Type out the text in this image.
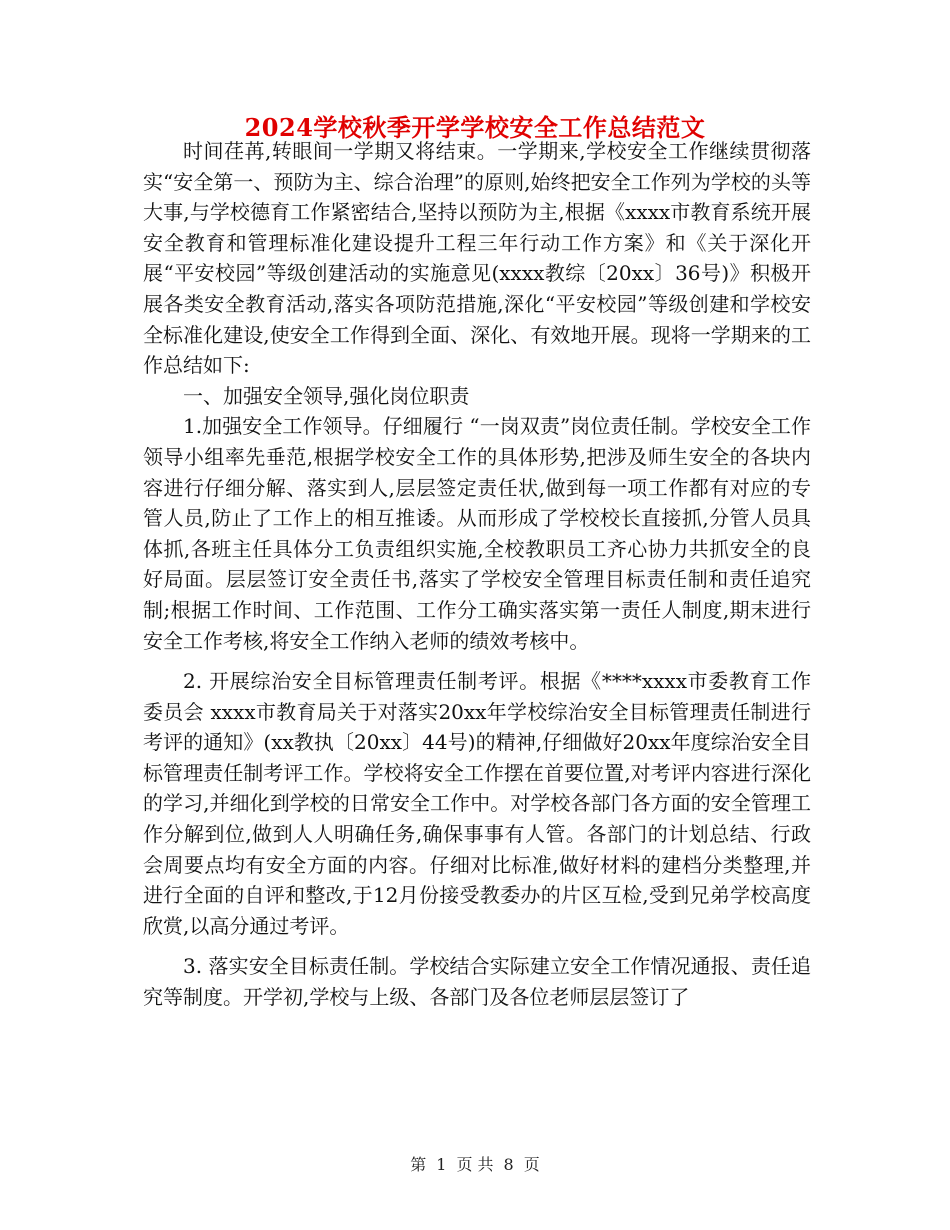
2024学校秋季开学学校安全工作总结范文

时间荏苒,转眼间一学期又将结束。一学期来,学校安全工作继续贯彻落实“安全第一、预防为主、综合治理”的原则,始终把安全工作列为学校的头等大事,与学校德育工作紧密结合,坚持以预防为主,根据《xxxx市教育系统开展安全教育和管理标准化建设提升工程三年行动工作方案》和《关于深化开展“平安校园”等级创建活动的实施意见(xxxx教综〔20xx〕36号)》积极开展各类安全教育活动,落实各项防范措施,深化“平安校园”等级创建和学校安全标准化建设,使安全工作得到全面、深化、有效地开展。现将一学期来的工作总结如下:

一、加强安全领导,强化岗位职责

1.加强安全工作领导。仔细履行 “一岗双责”岗位责任制。学校安全工作领导小组率先垂范,根据学校安全工作的具体形势,把涉及师生安全的各块内容进行仔细分解、落实到人,层层签定责任状,做到每一项工作都有对应的专管人员,防止了工作上的相互推诿。从而形成了学校校长直接抓,分管人员具体抓,各班主任具体分工负责组织实施,全校教职员工齐心协力共抓安全的良好局面。层层签订安全责任书,落实了学校安全管理目标责任制和责任追究制;根据工作时间、工作范围、工作分工确实落实第一责任人制度,期末进行安全工作考核,将安全工作纳入老师的绩效考核中。

2. 开展综治安全目标管理责任制考评。根据《****xxxx市委教育工作委员会 xxxx市教育局关于对落实20xx年学校综治安全目标管理责任制进行考评的通知》(xx教执〔20xx〕44号)的精神,仔细做好20xx年度综治安全目标管理责任制考评工作。学校将安全工作摆在首要位置,对考评内容进行深化的学习,并细化到学校的日常安全工作中。对学校各部门各方面的安全管理工作分解到位,做到人人明确任务,确保事事有人管。各部门的计划总结、行政会周要点均有安全方面的内容。仔细对比标准,做好材料的建档分类整理,并进行全面的自评和整改,于12月份接受教委办的片区互检,受到兄弟学校高度欣赏,以高分通过考评。

3. 落实安全目标责任制。学校结合实际建立安全工作情况通报、责任追究等制度。开学初,学校与上级、各部门及各位老师层层签订了

第 1 页 共 8 页
